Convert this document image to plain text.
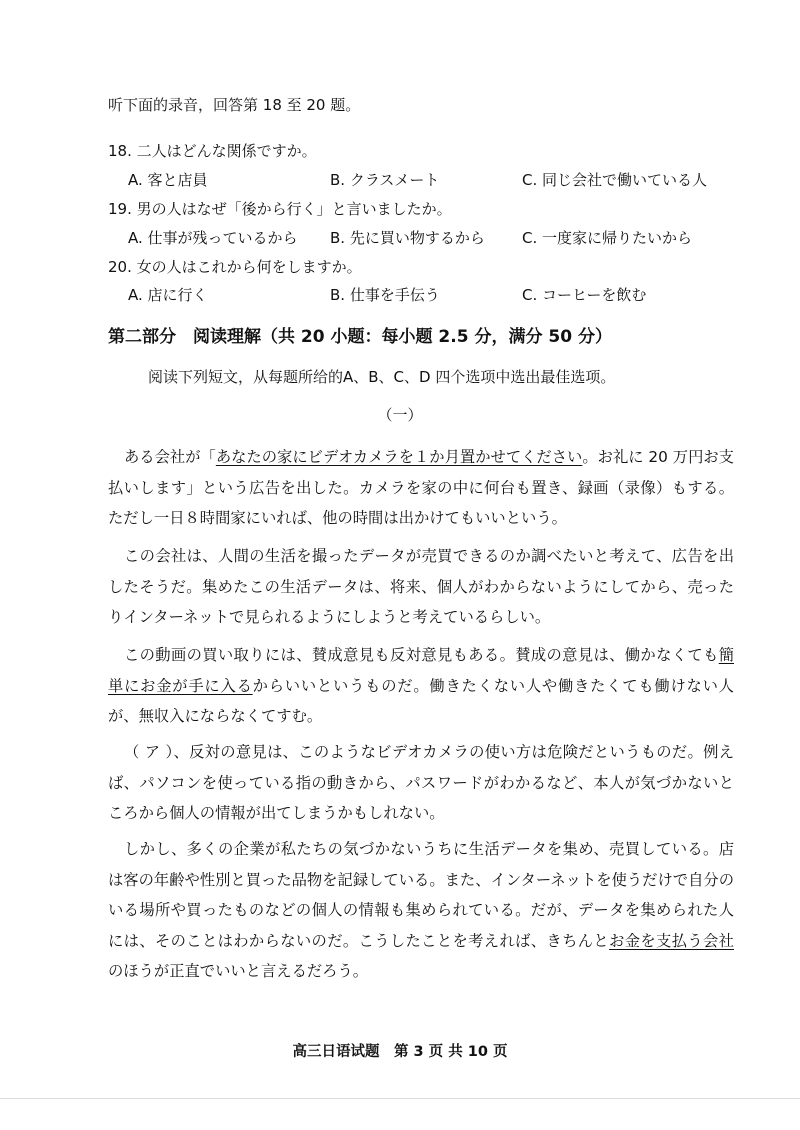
听下面的录音，回答第 18 至 20 题。
18. 二人はどんな関係ですか。
A. 客と店員	B. クラスメート	C. 同じ会社で働いている人
19. 男の人はなぜ「後から行く」と言いましたか。
A. 仕事が残っているから B. 先に買い物するから C. 一度家に帰りたいから
20. 女の人はこれから何をしますか。
A. 店に行く	B. 仕事を手伝う	C. コーヒーを飲む
第二部分　阅读理解（共 20 小题：每小题 2.5 分，满分 50 分）
阅读下列短文，从每题所给的A、B、C、D 四个选项中选出最佳选项。
（一）

ある会社が「あなたの家にビデオカメラを１か月置かせてください。お礼に 20 万円お支払いします」という広告を出した。カメラを家の中に何台も置き、録画（录像）もする。ただし一日８時間家にいれば、他の時間は出かけてもいいという。

この会社は、人間の生活を撮ったデータが売買できるのか調べたいと考えて、広告を出したそうだ。集めたこの生活データは、将来、個人がわからないようにしてから、売ったりインターネットで見られるようにしようと考えているらしい。

この動画の買い取りには、賛成意見も反対意見もある。賛成の意見は、働かなくても簡単にお金が手に入るからいいというものだ。働きたくない人や働きたくても働けない人が、無収入にならなくてすむ。

（ ア ）、反対の意見は、このようなビデオカメラの使い方は危険だというものだ。例えば、パソコンを使っている指の動きから、パスワードがわかるなど、本人が気づかないところから個人の情報が出てしまうかもしれない。

しかし、多くの企業が私たちの気づかないうちに生活データを集め、売買している。店は客の年齢や性別と買った品物を記録している。また、インターネットを使うだけで自分のいる場所や買ったものなどの個人の情報も集められている。だが、データを集められた人には、そのことはわからないのだ。こうしたことを考えれば、きちんとお金を支払う会社のほうが正直でいいと言えるだろう。

高三日语试题　第 3 页 共 10 页
